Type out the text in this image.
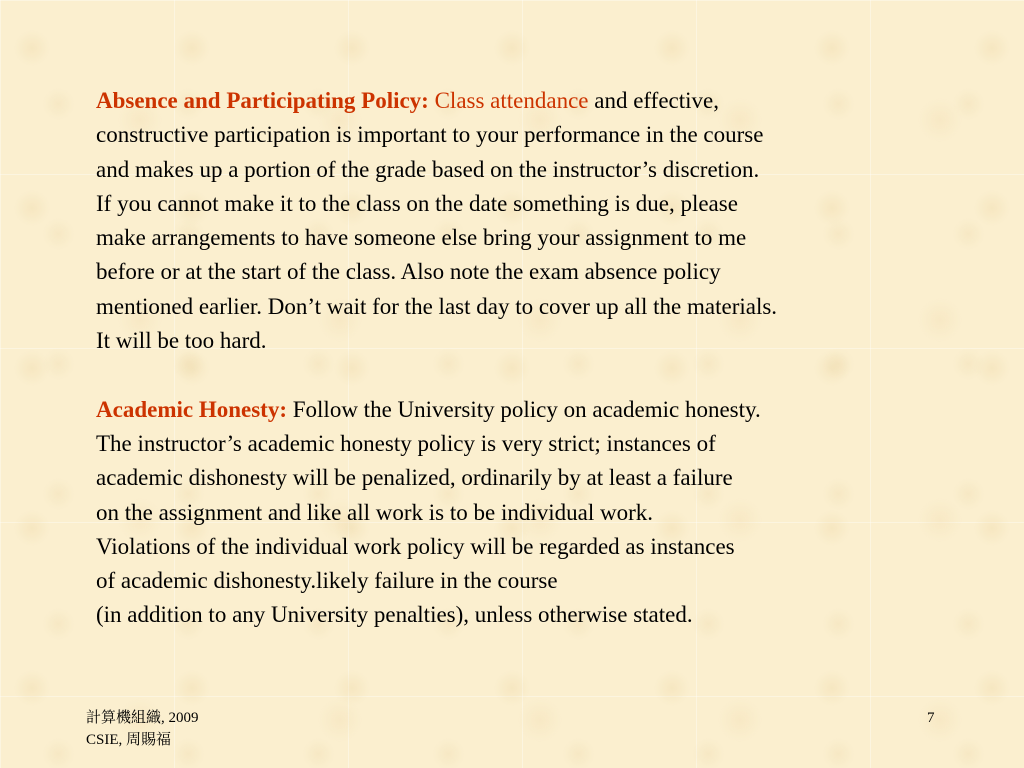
Absence and Participating Policy: Class attendance and effective,
constructive participation is important to your performance in the course
and makes up a portion of the grade based on the instructor’s discretion.
If you cannot make it to the class on the date something is due, please
make arrangements to have someone else bring your assignment to me
before or at the start of the class. Also note the exam absence policy
mentioned earlier. Don’t wait for the last day to cover up all the materials.
It will be too hard.
Academic Honesty: Follow the University policy on academic honesty.
The instructor’s academic honesty policy is very strict; instances of
academic dishonesty will be penalized, ordinarily by at least a failure
on the assignment and like all work is to be individual work.
Violations of the individual work policy will be regarded as instances
of academic dishonesty.likely failure in the course
(in addition to any University penalties), unless otherwise stated.
計算機組織, 2009
CSIE, 周賜福
7
